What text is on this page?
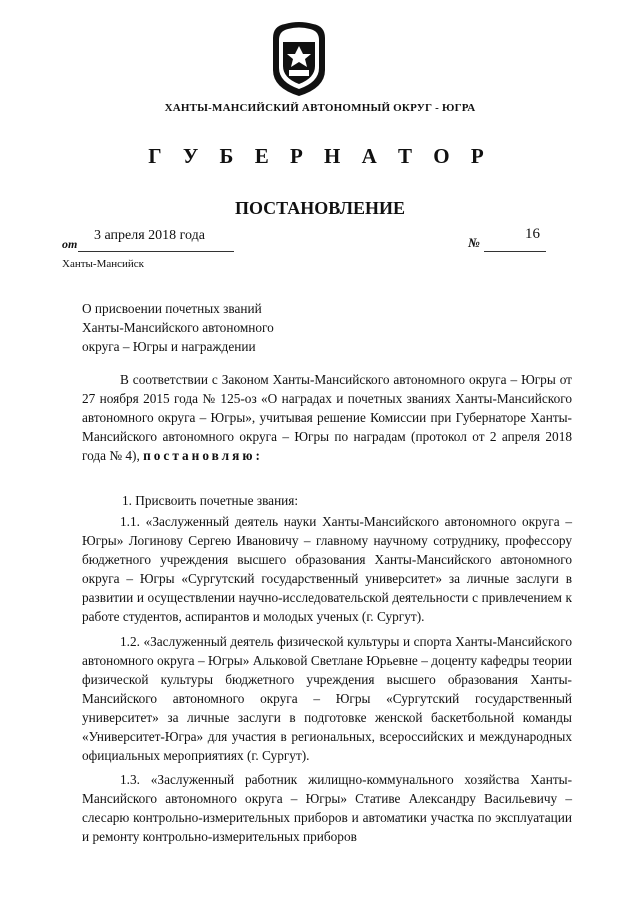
ХАНТЫ-МАНСИЙСКИЙ АВТОНОМНЫЙ ОКРУГ - ЮГРА
Г У Б Е Р Н А Т О Р
ПОСТАНОВЛЕНИЕ
от
3 апреля 2018 года	№
16
Ханты-Мансийск
О присвоении почетных званий
Ханты-Мансийского автономного
округа – Югры и награждении
В соответствии с Законом Ханты-Мансийского автономного округа – Югры от 27 ноября 2015 года № 125-оз «О наградах и почетных званиях Ханты-Мансийского автономного округа – Югры», учитывая решение Комиссии при Губернаторе Ханты-Мансийского автономного округа – Югры по наградам (протокол от 2 апреля 2018 года № 4), постановляю:
1. Присвоить почетные звания:
1.1. «Заслуженный деятель науки Ханты-Мансийского автономного округа – Югры» Логинову Сергею Ивановичу – главному научному сотруднику, профессору бюджетного учреждения высшего образования Ханты-Мансийского автономного округа – Югры «Сургутский государственный университет» за личные заслуги в развитии и осуществлении научно-исследовательской деятельности с привлечением к работе студентов, аспирантов и молодых ученых (г. Сургут).
1.2. «Заслуженный деятель физической культуры и спорта Ханты-Мансийского автономного округа – Югры» Альковой Светлане Юрьевне – доценту кафедры теории физической культуры бюджетного учреждения высшего образования Ханты-Мансийского автономного округа – Югры «Сургутский государственный университет» за личные заслуги в подготовке женской баскетбольной команды «Университет-Югра» для участия в региональных, всероссийских и международных официальных мероприятиях (г. Сургут).
1.3. «Заслуженный работник жилищно-коммунального хозяйства Ханты-Мансийского автономного округа – Югры» Стативе Александру Васильевичу – слесарю контрольно-измерительных приборов и автоматики участка по эксплуатации и ремонту контрольно-измерительных приборов
